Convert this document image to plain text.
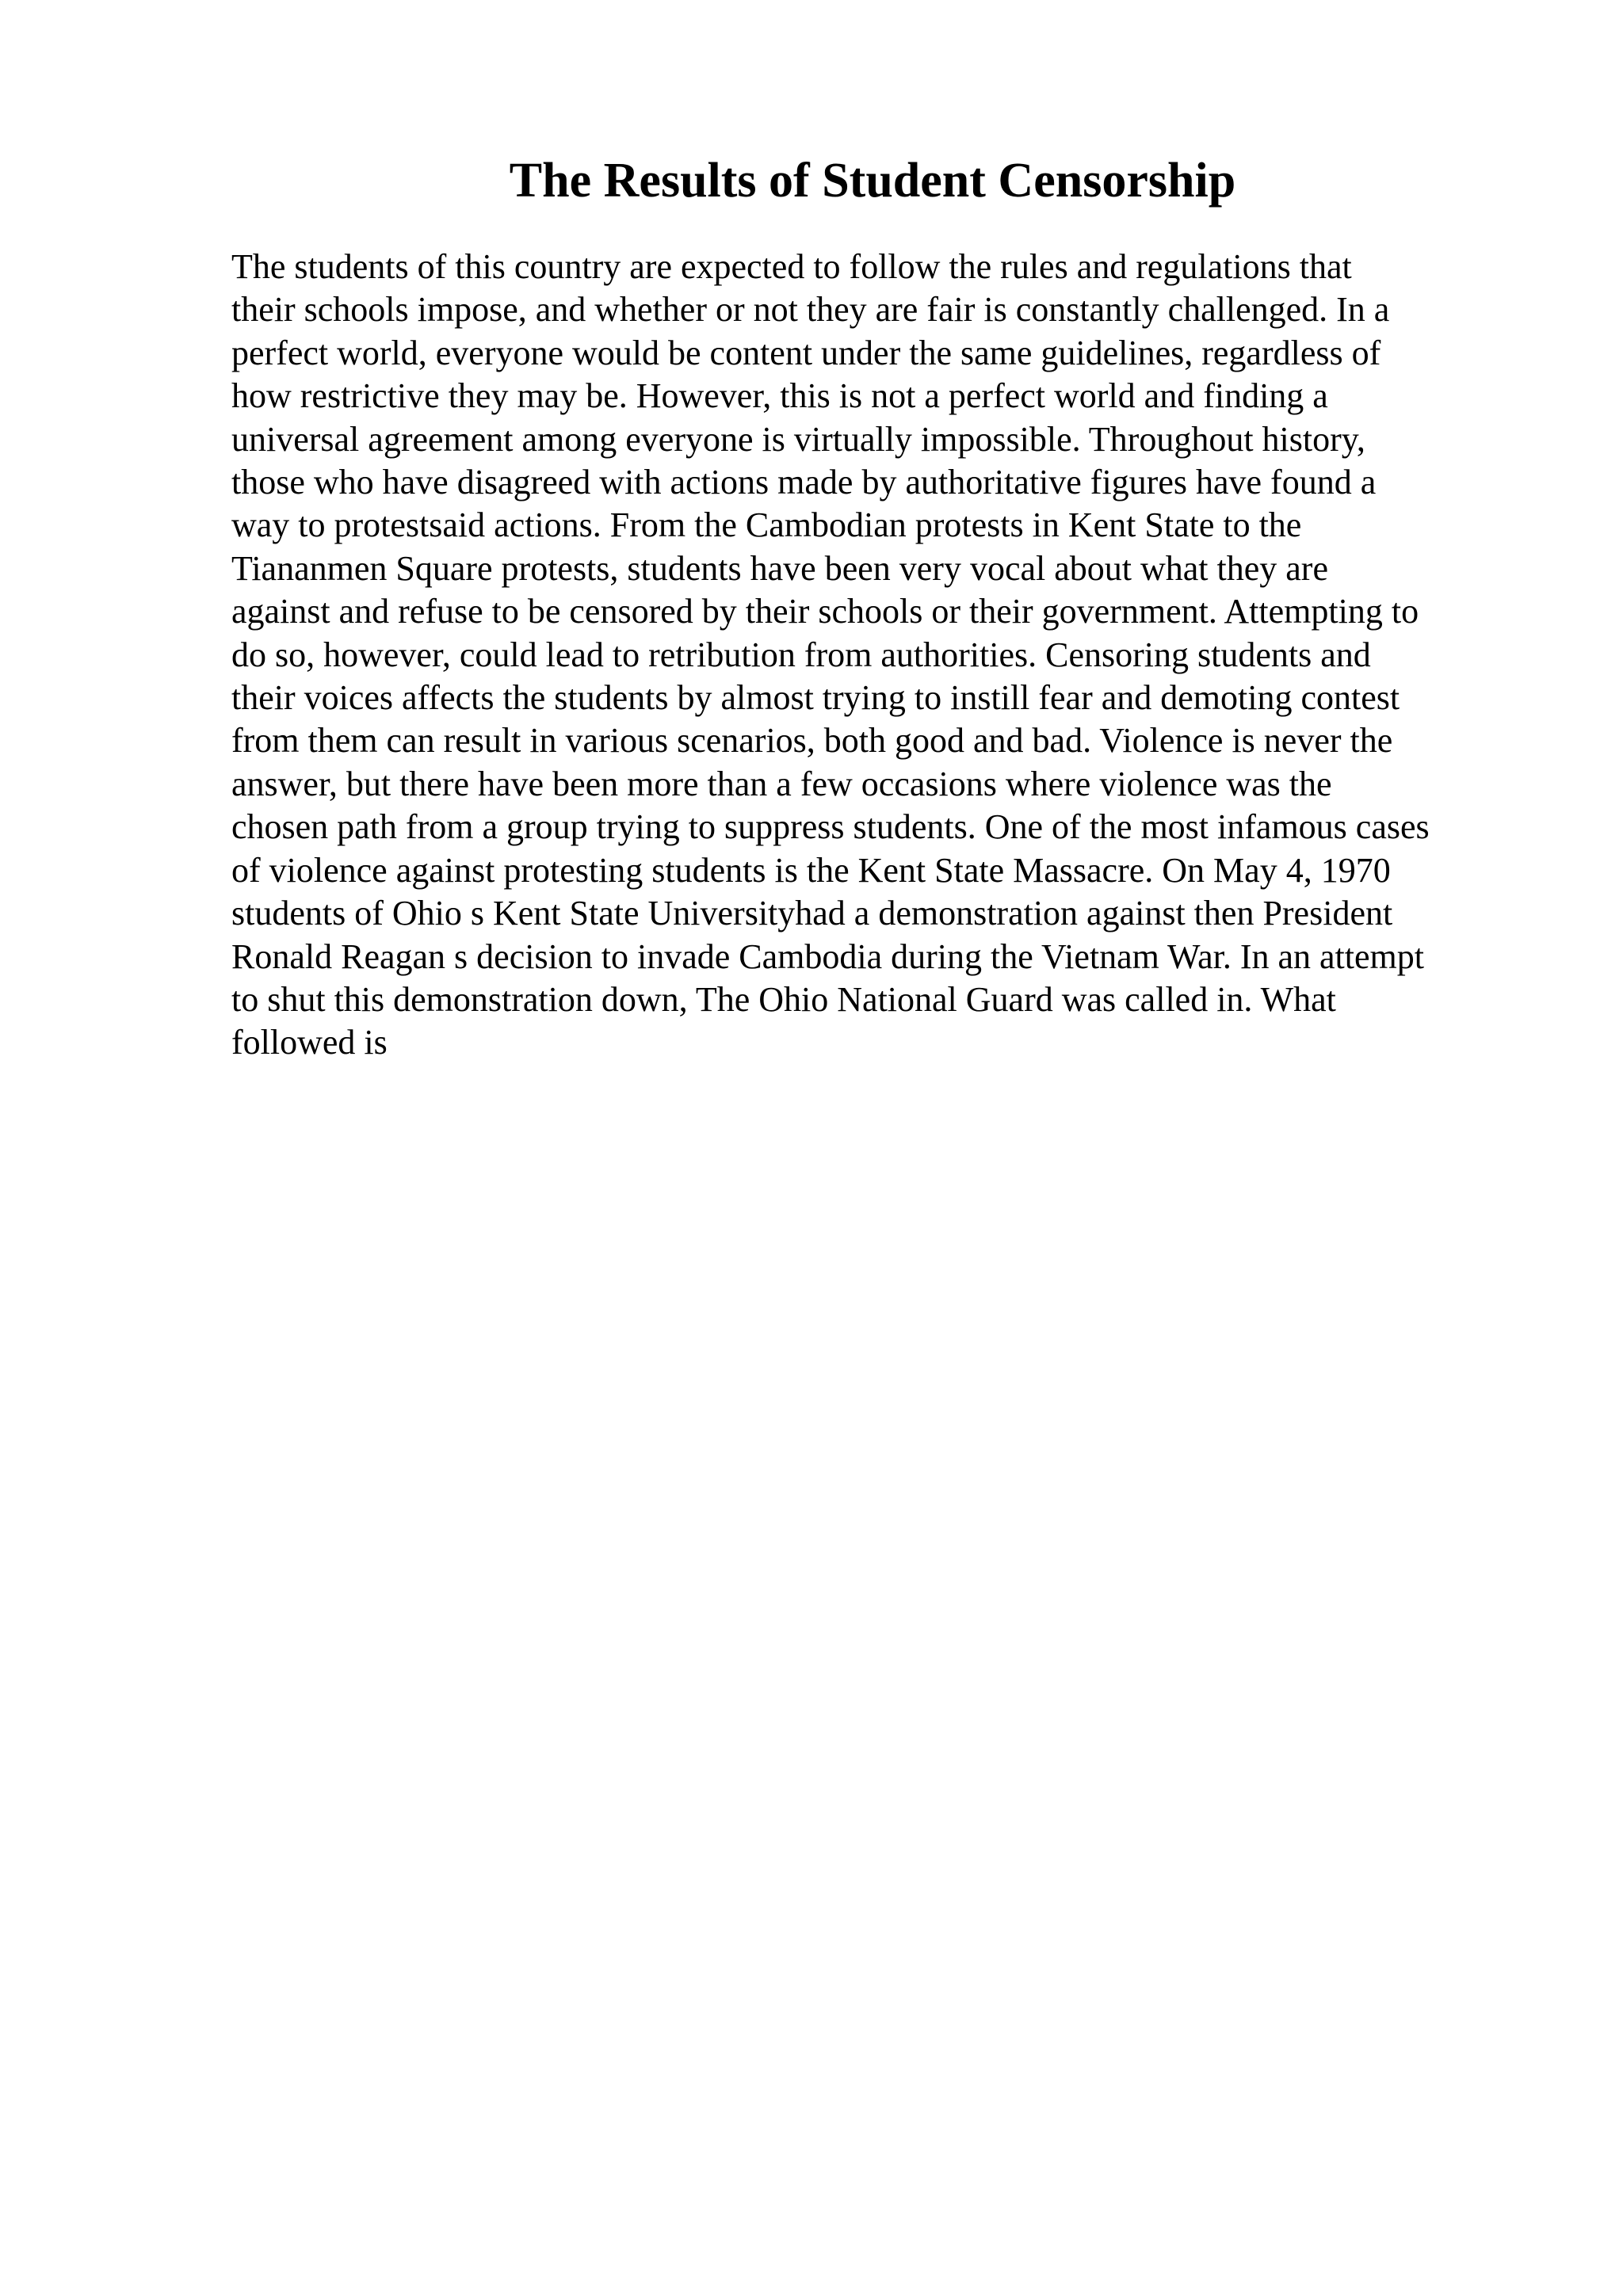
The Results of Student Censorship

The students of this country are expected to follow the rules and regulations that
their schools impose, and whether or not they are fair is constantly challenged. In a
perfect world, everyone would be content under the same guidelines, regardless of
how restrictive they may be. However, this is not a perfect world and finding a
universal agreement among everyone is virtually impossible. Throughout history,
those who have disagreed with actions made by authoritative figures have found a
way to protestsaid actions. From the Cambodian protests in Kent State to the
Tiananmen Square protests, students have been very vocal about what they are
against and refuse to be censored by their schools or their government. Attempting to
do so, however, could lead to retribution from authorities. Censoring students and
their voices affects the students by almost trying to instill fear and demoting contest
from them can result in various scenarios, both good and bad. Violence is never the
answer, but there have been more than a few occasions where violence was the
chosen path from a group trying to suppress students. One of the most infamous cases
of violence against protesting students is the Kent State Massacre. On May 4, 1970
students of Ohio s Kent State Universityhad a demonstration against then President
Ronald Reagan s decision to invade Cambodia during the Vietnam War. In an attempt
to shut this demonstration down, The Ohio National Guard was called in. What
followed is
